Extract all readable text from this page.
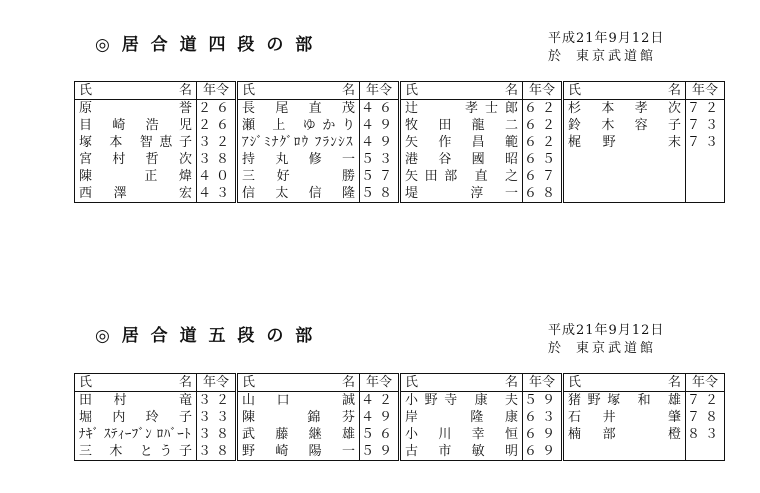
◎ 居 合 道 四 段 の 部	平成21年9月12日
於 東京武道館
氏　名	年令	氏　名	年令	氏　名	年令	氏　名	年令
原　　　誉	２６	長 尾 直 茂	４６	辻　　孝士郎	６２	杉 本 孝 次	７２
目 崎 浩 児	２６	瀬 上 ゆかり	４９	牧 田 龍 二	６２	鈴 木 容 子	７３
塚 本 智恵子	３２	ｱｼﾞﾐﾅｸﾞﾛｳ ﾌﾗﾝｼｽ	４９	矢 作 昌 範	６２	梶 野　　末	７３
宮 村 哲 次	３８	持 丸 修 一	５３	港 谷 國 昭	６５		
陳　　正 煒	４０	三 好　　勝	５７	矢田部 直 之	６７		
西 澤　　宏	４３	信 太 信 隆	５８	堤　　淳 一	６８		
◎ 居 合 道 五 段 の 部	平成21年9月12日
於 東京武道館
氏　名	年令	氏　名	年令	氏　名	年令	氏　名	年令
田 村　　竜	３２	山 口　　誠	４２	小野寺 康 夫	５９	猪野塚 和 雄	７２
堀 内 玲 子	３３	陳　　錦 芬	４９	岸　　隆 康	６３	石 井　　肇	７８
ﾅｷﾞ ｽﾃｨｰﾌﾞﾝ ﾛﾊﾞｰﾄ	３８	武 藤 継 雄	５６	小 川 幸 恒	６９	楠 部　　橙	８３
三 木 とう子	３８	野 崎 陽 一	５９	古 市 敏 明	６９		
